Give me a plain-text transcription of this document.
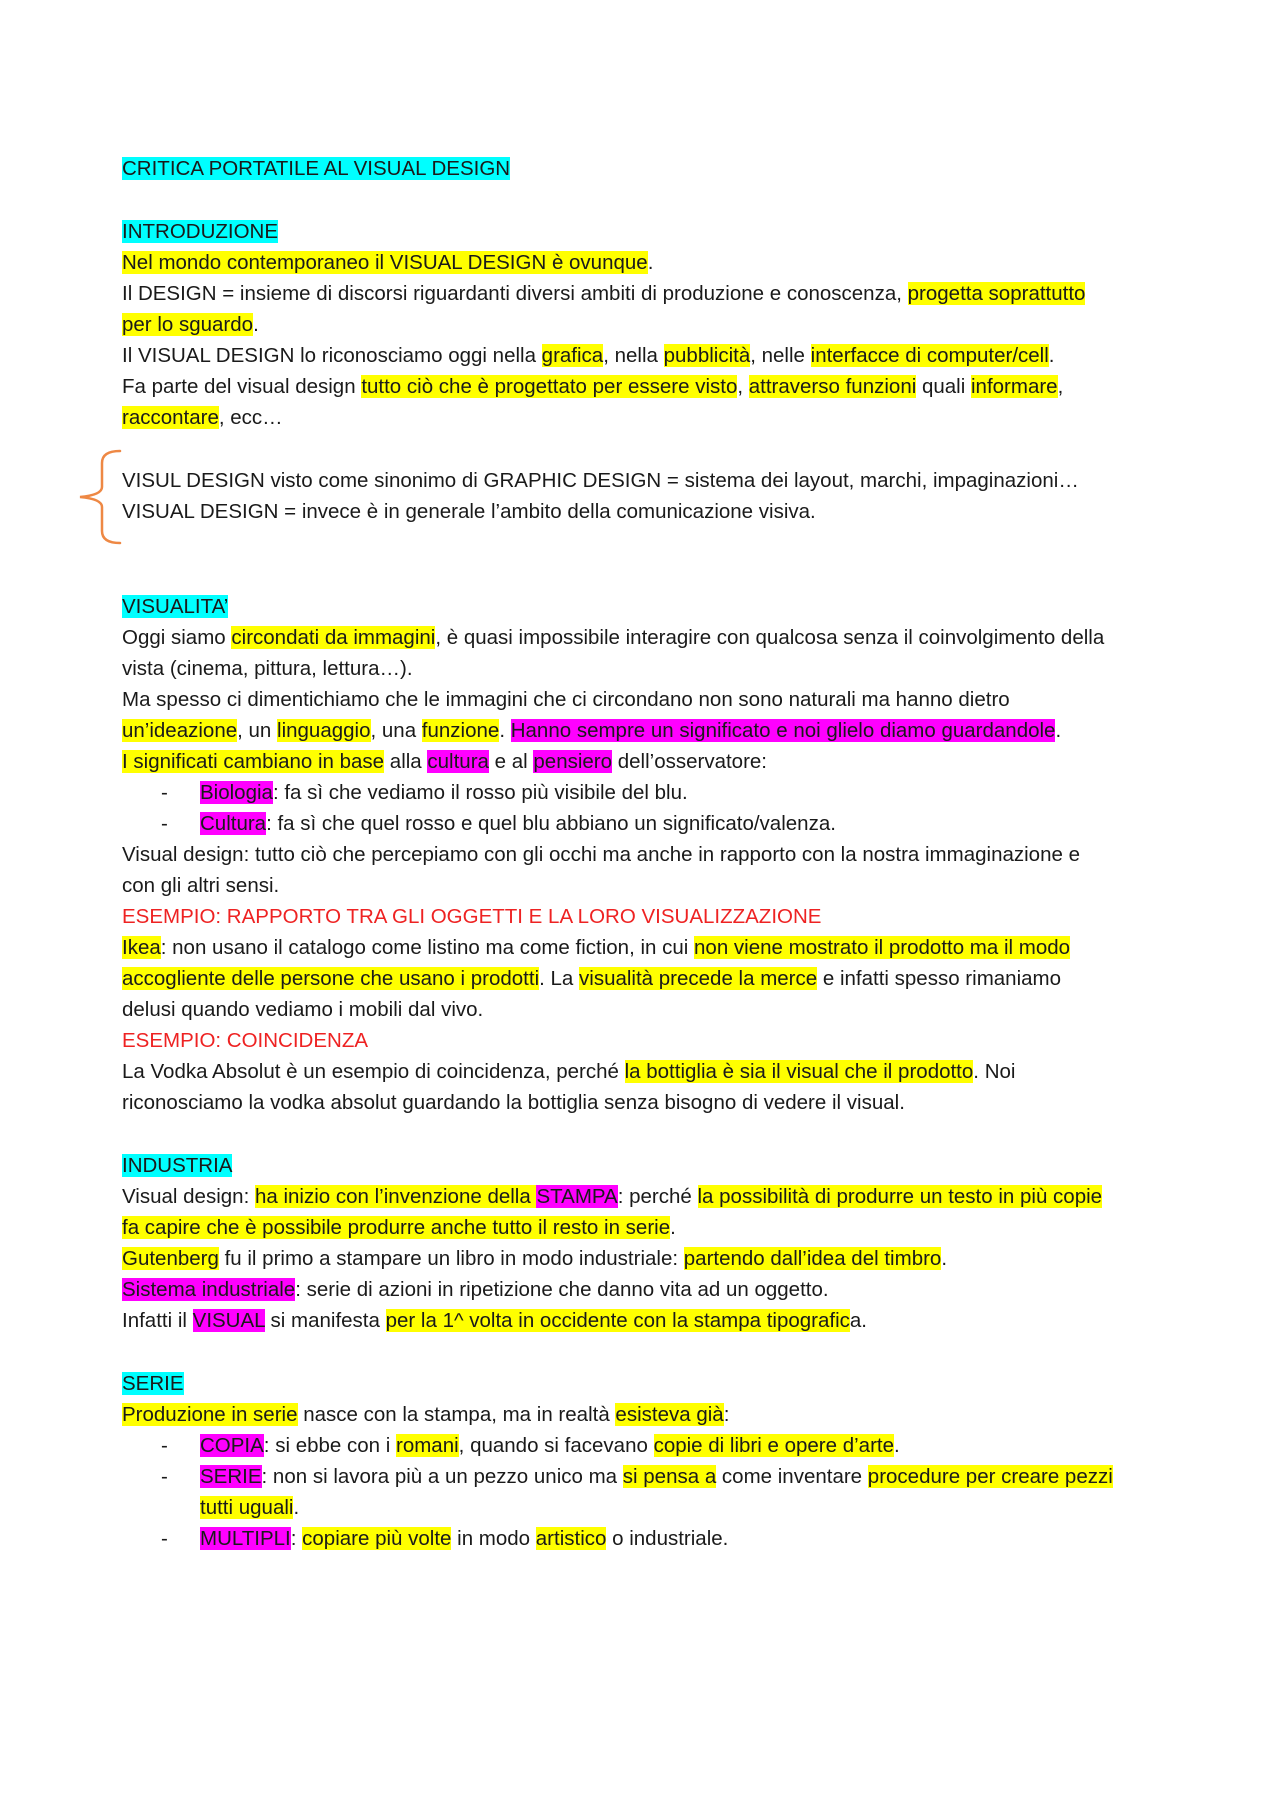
CRITICA PORTATILE AL VISUAL DESIGN
INTRODUZIONE
Nel mondo contemporaneo il VISUAL DESIGN è ovunque.
Il DESIGN = insieme di discorsi riguardanti diversi ambiti di produzione e conoscenza, progetta soprattutto
per lo sguardo.
Il VISUAL DESIGN lo riconosciamo oggi nella grafica, nella pubblicità, nelle interfacce di computer/cell.
Fa parte del visual design tutto ciò che è progettato per essere visto, attraverso funzioni quali informare,
raccontare, ecc…
VISUL DESIGN visto come sinonimo di GRAPHIC DESIGN = sistema dei layout, marchi, impaginazioni…
VISUAL DESIGN = invece è in generale l’ambito della comunicazione visiva.
VISUALITA’
Oggi siamo circondati da immagini, è quasi impossibile interagire con qualcosa senza il coinvolgimento della
vista (cinema, pittura, lettura…).
Ma spesso ci dimentichiamo che le immagini che ci circondano non sono naturali ma hanno dietro
un’ideazione, un linguaggio, una funzione. Hanno sempre un significato e noi glielo diamo guardandole.
I significati cambiano in base alla cultura e al pensiero dell’osservatore:
- Biologia: fa sì che vediamo il rosso più visibile del blu.
- Cultura: fa sì che quel rosso e quel blu abbiano un significato/valenza.
Visual design: tutto ciò che percepiamo con gli occhi ma anche in rapporto con la nostra immaginazione e
con gli altri sensi.
ESEMPIO: RAPPORTO TRA GLI OGGETTI E LA LORO VISUALIZZAZIONE
Ikea: non usano il catalogo come listino ma come fiction, in cui non viene mostrato il prodotto ma il modo
accogliente delle persone che usano i prodotti. La visualità precede la merce e infatti spesso rimaniamo
delusi quando vediamo i mobili dal vivo.
ESEMPIO: COINCIDENZA
La Vodka Absolut è un esempio di coincidenza, perché la bottiglia è sia il visual che il prodotto. Noi
riconosciamo la vodka absolut guardando la bottiglia senza bisogno di vedere il visual.
INDUSTRIA
Visual design: ha inizio con l’invenzione della STAMPA: perché la possibilità di produrre un testo in più copie
fa capire che è possibile produrre anche tutto il resto in serie.
Gutenberg fu il primo a stampare un libro in modo industriale: partendo dall’idea del timbro.
Sistema industriale: serie di azioni in ripetizione che danno vita ad un oggetto.
Infatti il VISUAL si manifesta per la 1^ volta in occidente con la stampa tipografica.
SERIE
Produzione in serie nasce con la stampa, ma in realtà esisteva già:
- COPIA: si ebbe con i romani, quando si facevano copie di libri e opere d’arte.
- SERIE: non si lavora più a un pezzo unico ma si pensa a come inventare procedure per creare pezzi
tutti uguali.
- MULTIPLI: copiare più volte in modo artistico o industriale.
